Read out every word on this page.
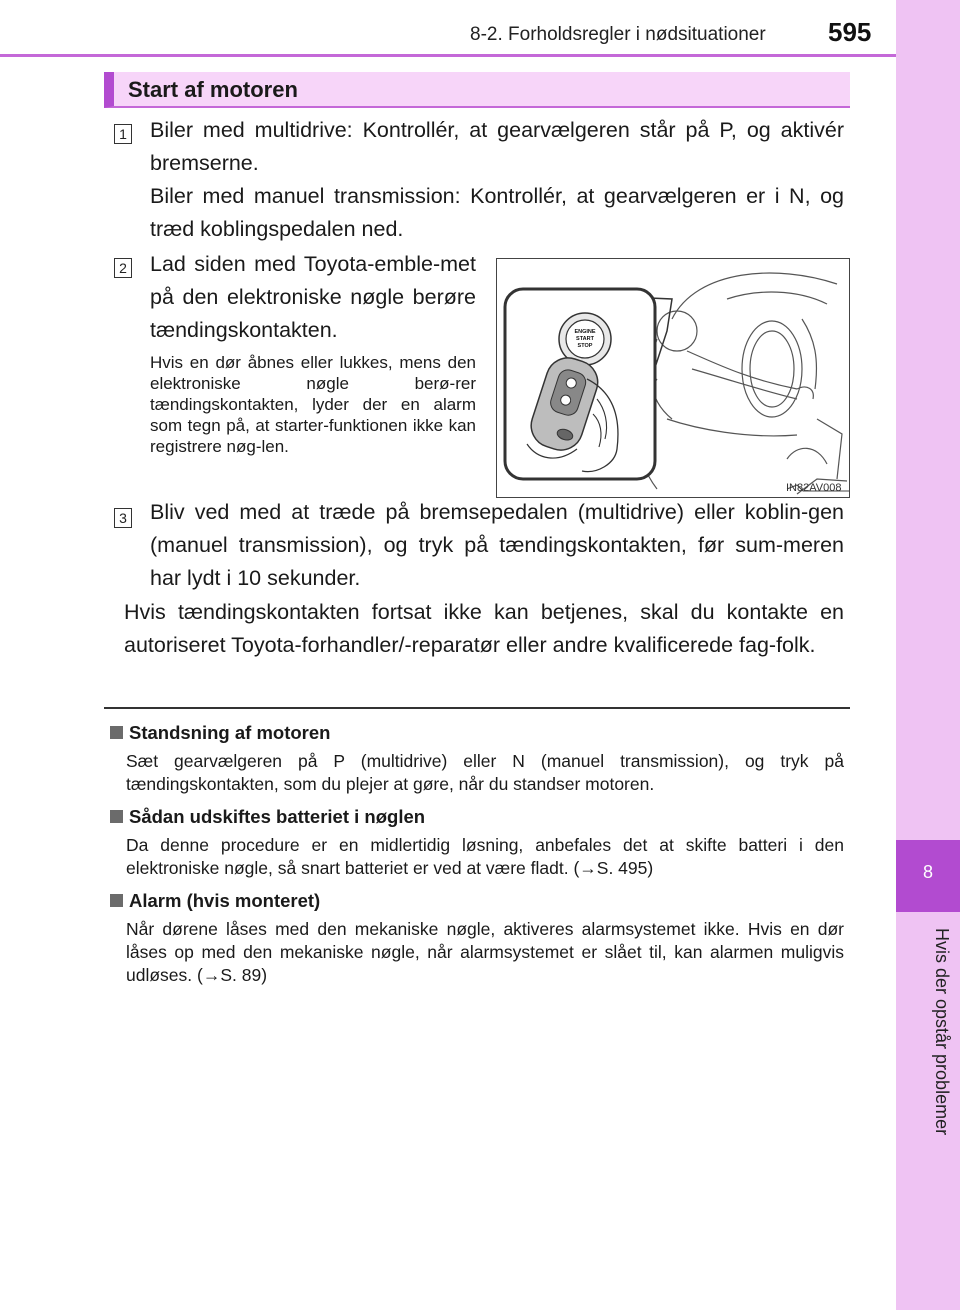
8-2. Forholdsregler i nødsituationer 595
8
Hvis der opstår problemer
Start af motoren
1 Biler med multidrive: Kontrollér, at gearvælgeren står på P, og aktivér bremserne.
Biler med manuel transmission: Kontrollér, at gearvælgeren er i N, og træd koblingspedalen ned.
2 Lad siden med Toyota-emble-met på den elektroniske nøgle berøre tændingskontakten.
Hvis en dør åbnes eller lukkes, mens den elektroniske nøgle berø-rer tændingskontakten, lyder der en alarm som tegn på, at starter-funktionen ikke kan registrere nøg-len.
ENGINE
START
STOP
IN82AV008
3 Bliv ved med at træde på bremsepedalen (multidrive) eller koblin-gen (manuel transmission), og tryk på tændingskontakten, før sum-meren har lydt i 10 sekunder.
Hvis tændingskontakten fortsat ikke kan betjenes, skal du kontakte en autoriseret Toyota-forhandler/-reparatør eller andre kvalificerede fag-folk.
Standsning af motoren
Sæt gearvælgeren på P (multidrive) eller N (manuel transmission), og tryk på tændingskontakten, som du plejer at gøre, når du standser motoren.
Sådan udskiftes batteriet i nøglen
Da denne procedure er en midlertidig løsning, anbefales det at skifte batteri i den elektroniske nøgle, så snart batteriet er ved at være fladt. (→S. 495)
Alarm (hvis monteret)
Når dørene låses med den mekaniske nøgle, aktiveres alarmsystemet ikke. Hvis en dør låses op med den mekaniske nøgle, når alarmsystemet er slået til, kan alarmen muligvis udløses. (→S. 89)
